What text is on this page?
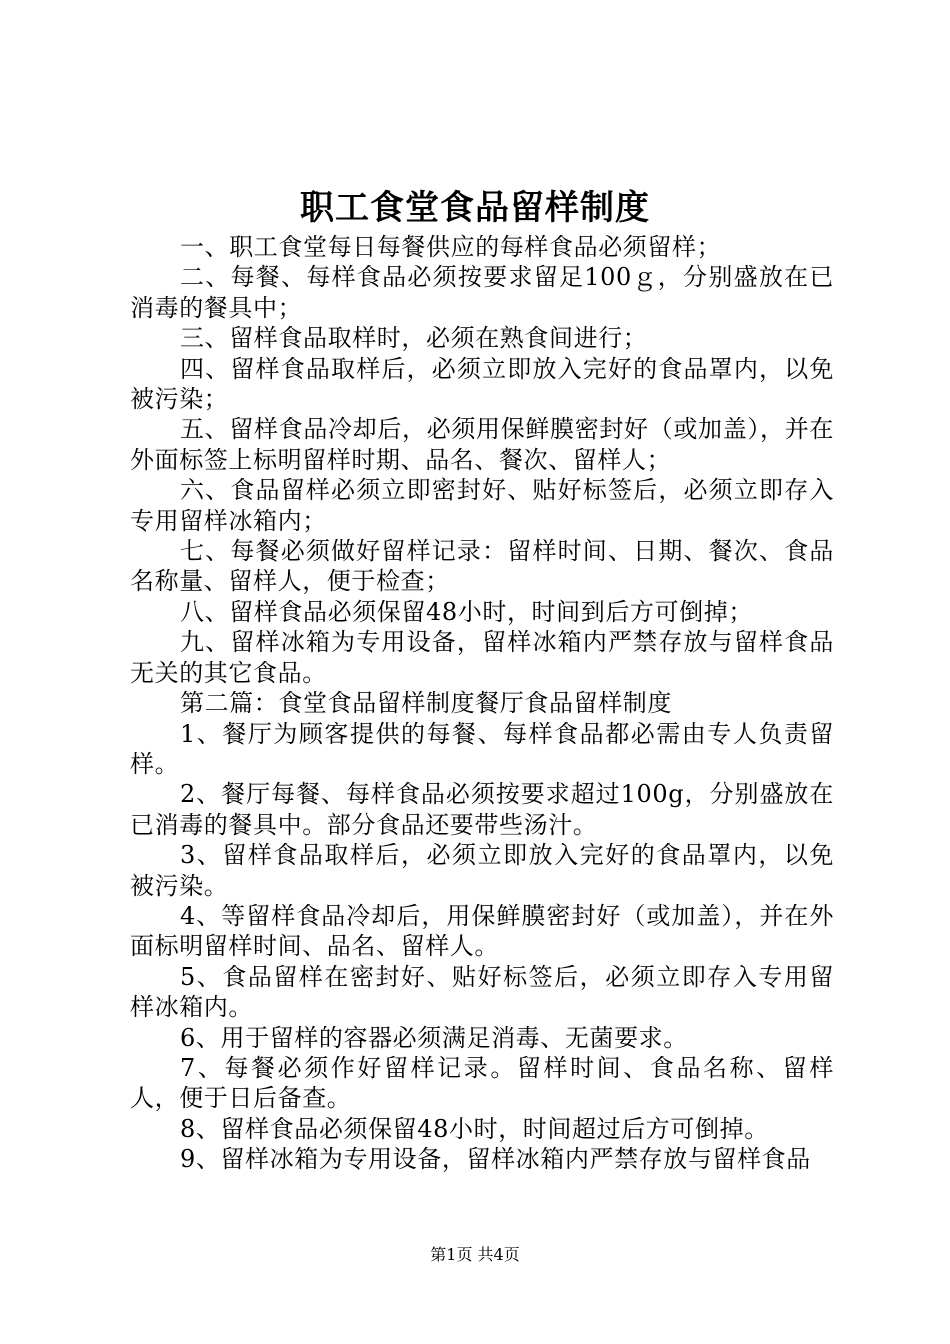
职工食堂食品留样制度

一、职工食堂每日每餐供应的每样食品必须留样；

二、每餐、每样食品必须按要求留足100ｇ，分别盛放在已消毒的餐具中；

三、留样食品取样时，必须在熟食间进行；

四、留样食品取样后，必须立即放入完好的食品罩内，以免被污染；

五、留样食品冷却后，必须用保鲜膜密封好（或加盖），并在外面标签上标明留样时期、品名、餐次、留样人；

六、食品留样必须立即密封好、贴好标签后，必须立即存入专用留样冰箱内；

七、每餐必须做好留样记录：留样时间、日期、餐次、食品名称量、留样人，便于检查；

八、留样食品必须保留48小时，时间到后方可倒掉；

九、留样冰箱为专用设备，留样冰箱内严禁存放与留样食品无关的其它食品。

第二篇：食堂食品留样制度餐厅食品留样制度

1、餐厅为顾客提供的每餐、每样食品都必需由专人负责留样。

2、餐厅每餐、每样食品必须按要求超过100g，分别盛放在已消毒的餐具中。部分食品还要带些汤汁。

3、留样食品取样后，必须立即放入完好的食品罩内，以免被污染。

4、等留样食品冷却后，用保鲜膜密封好（或加盖），并在外面标明留样时间、品名、留样人。

5、食品留样在密封好、贴好标签后，必须立即存入专用留样冰箱内。

6、用于留样的容器必须满足消毒、无菌要求。

7、每餐必须作好留样记录。留样时间、食品名称、留样人，便于日后备查。

8、留样食品必须保留48小时，时间超过后方可倒掉。

9、留样冰箱为专用设备，留样冰箱内严禁存放与留样食品

第1页 共4页
